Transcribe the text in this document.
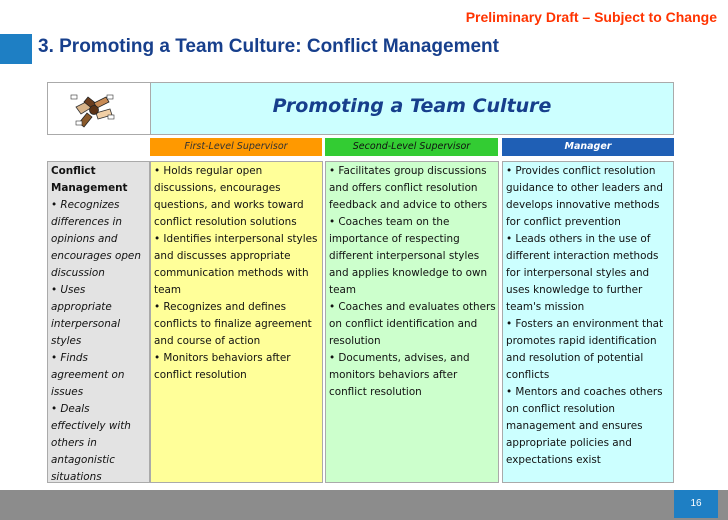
Preliminary Draft – Subject to Change
3. Promoting a Team Culture: Conflict Management
Promoting a Team Culture
First-Level Supervisor	Second-Level Supervisor	Manager
Conflict
Management
• Recognizes
differences in
opinions and
encourages open
discussion
• Uses
appropriate
interpersonal
styles
• Finds
agreement on
issues
• Deals
effectively with
others in
antagonistic
situations
• Holds regular open
discussions, encourages
questions, and works toward
conflict resolution solutions
• Identifies interpersonal styles
and discusses appropriate
communication methods with
team
• Recognizes and defines
conflicts to finalize agreement
and course of action
• Monitors behaviors after
conflict resolution
• Facilitates group discussions
and offers conflict resolution
feedback and advice to others
• Coaches team on the
importance of respecting
different interpersonal styles
and applies knowledge to own
team
• Coaches and evaluates others
on conflict identification and
resolution
• Documents, advises, and
monitors behaviors after
conflict resolution
• Provides conflict resolution
guidance to other leaders and
develops innovative methods
for conflict prevention
• Leads others in the use of
different interaction methods
for interpersonal styles and
uses knowledge to further
team's mission
• Fosters an environment that
promotes rapid identification
and resolution of potential
conflicts
• Mentors and coaches others
on conflict resolution
management and ensures
appropriate policies and
expectations exist
16
